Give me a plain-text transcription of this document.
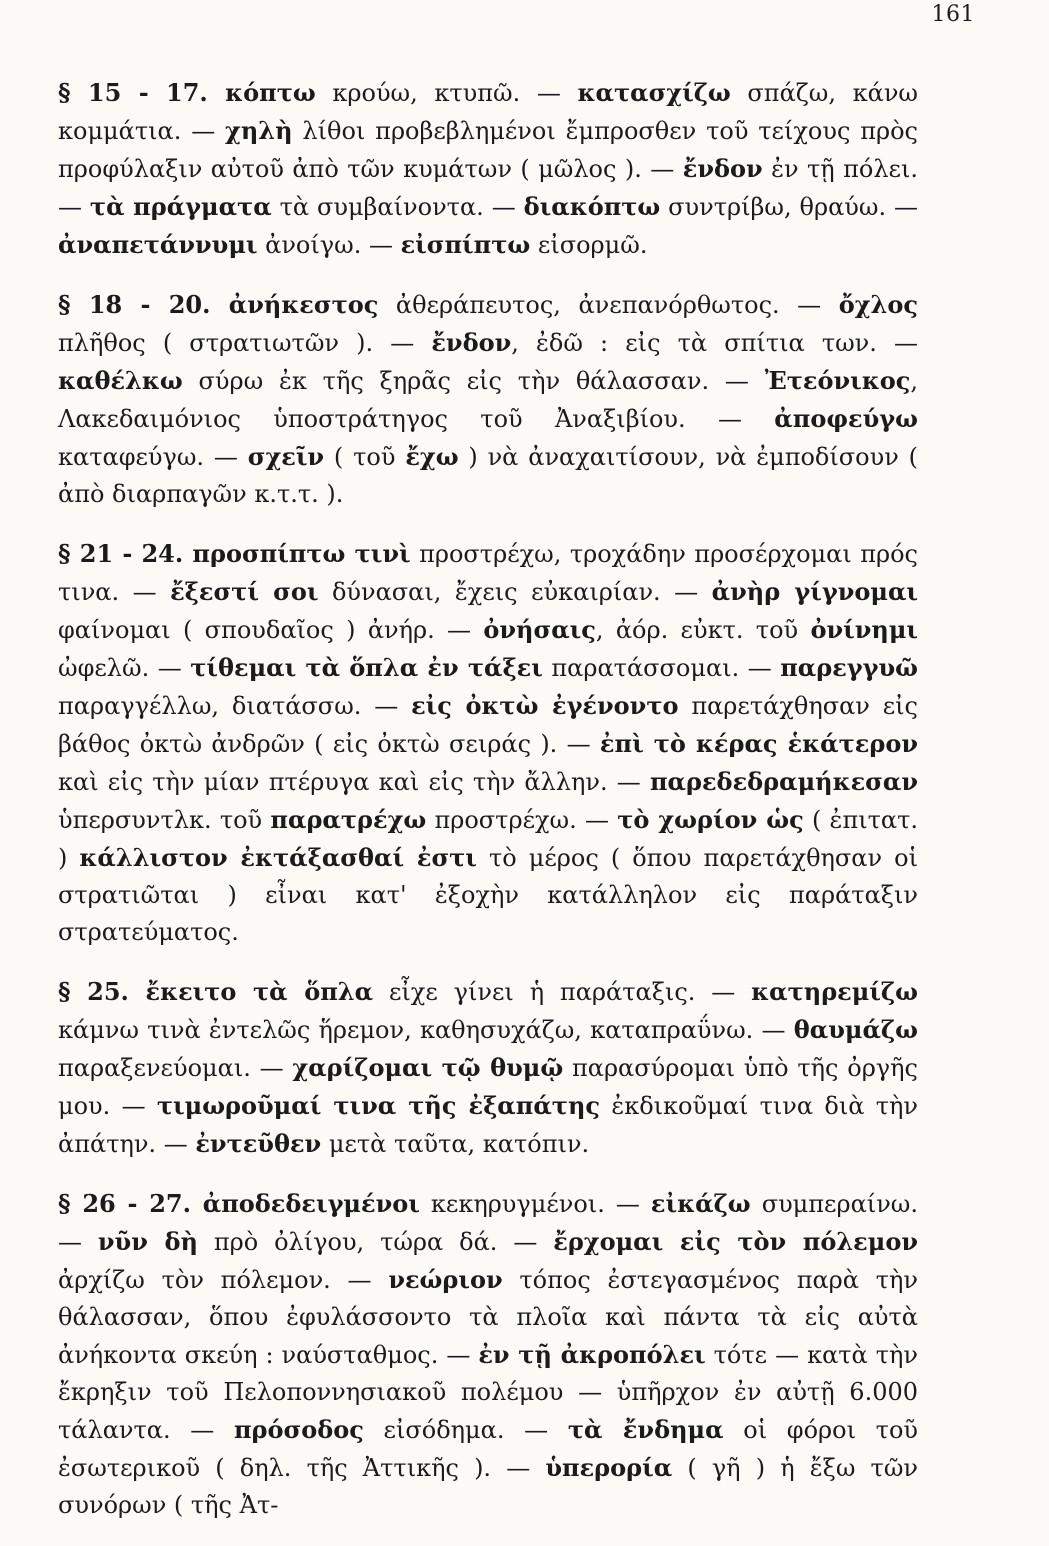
161

§ 15 - 17. κόπτω κρούω, κτυπῶ. — κατασχίζω σπάζω, κάνω κομμάτια. — χηλὴ λίθοι προβεβλημένοι ἔμπροσθεν τοῦ τείχους πρὸς προφύλαξιν αὐτοῦ ἀπὸ τῶν κυμάτων ( μῶλος ). — ἔνδον ἐν τῇ πόλει. — τὰ πράγματα τὰ συμβαίνοντα. — διακόπτω συντρίβω, θραύω. — ἀναπετάννυμι ἀνοίγω. — εἰσπίπτω εἰσορμῶ.

§ 18 - 20. ἀνήκεστος ἀθεράπευτος, ἀνεπανόρθωτος. — ὄχλος πλῆθος ( στρατιωτῶν ). — ἔνδον, ἐδῶ : εἰς τὰ σπίτια των. — καθέλκω σύρω ἐκ τῆς ξηρᾶς εἰς τὴν θάλασσαν. — Ἐτεόνικος, Λακεδαιμόνιος ὑποστράτηγος τοῦ Ἀναξιβίου. — ἀποφεύγω καταφεύγω. — σχεῖν ( τοῦ ἔχω ) νὰ ἀναχαιτίσουν, νὰ ἐμποδίσουν ( ἀπὸ διαρπαγῶν κ.τ.τ. ).

§ 21 - 24. προσπίπτω τινὶ προστρέχω, τροχάδην προσέρχομαι πρός τινα. — ἔξεστί σοι δύνασαι, ἔχεις εὐκαιρίαν. — ἀνὴρ γίγνομαι φαίνομαι ( σπουδαῖος ) ἀνήρ. — ὀνήσαις, ἀόρ. εὐκτ. τοῦ ὀνίνημι ὠφελῶ. — τίθεμαι τὰ ὅπλα ἐν τάξει παρατάσσομαι. — παρεγγυῶ παραγγέλλω, διατάσσω. — εἰς ὀκτὼ ἐγένοντο παρετάχθησαν εἰς βάθος ὀκτὼ ἀνδρῶν ( εἰς ὀκτὼ σειράς ). — ἐπὶ τὸ κέρας ἑκάτερον καὶ εἰς τὴν μίαν πτέρυγα καὶ εἰς τὴν ἄλλην. — παρεδεδραμήκεσαν ὑπερσυντλκ. τοῦ παρατρέχω προστρέχω. — τὸ χωρίον ὡς ( ἐπιτατ. ) κάλλιστον ἐκτάξασθαί ἐστι τὸ μέρος ( ὅπου παρετάχθησαν οἱ στρατιῶται ) εἶναι κατ' ἐξοχὴν κατάλληλον εἰς παράταξιν στρατεύματος.

§ 25. ἔκειτο τὰ ὅπλα εἶχε γίνει ἡ παράταξις. — κατηρεμίζω κάμνω τινὰ ἐντελῶς ἥρεμον, καθησυχάζω, καταπραΰνω. — θαυμάζω παραξενεύομαι. — χαρίζομαι τῷ θυμῷ παρασύρομαι ὑπὸ τῆς ὀργῆς μου. — τιμωροῦμαί τινα τῆς ἐξαπάτης ἐκδικοῦμαί τινα διὰ τὴν ἀπάτην. — ἐντεῦθεν μετὰ ταῦτα, κατόπιν.

§ 26 - 27. ἀποδεδειγμένοι κεκηρυγμένοι. — εἰκάζω συμπεραίνω. — νῦν δὴ πρὸ ὀλίγου, τώρα δά. — ἔρχομαι εἰς τὸν πόλεμον ἀρχίζω τὸν πόλεμον. — νεώριον τόπος ἐστεγασμένος παρὰ τὴν θάλασσαν, ὅπου ἐφυλάσσοντο τὰ πλοῖα καὶ πάντα τὰ εἰς αὐτὰ ἀνήκοντα σκεύη : ναύσταθμος. — ἐν τῇ ἀκροπόλει τότε — κατὰ τὴν ἔκρηξιν τοῦ Πελοποννησιακοῦ πολέμου — ὑπῆρχον ἐν αὐτῇ 6.000 τάλαντα. — πρόσοδος εἰσόδημα. — τὰ ἔνδημα οἱ φόροι τοῦ ἐσωτερικοῦ ( δηλ. τῆς Ἀττικῆς ). — ὑπερορία ( γῆ ) ἡ ἔξω τῶν συνόρων ( τῆς Ἀτ-
